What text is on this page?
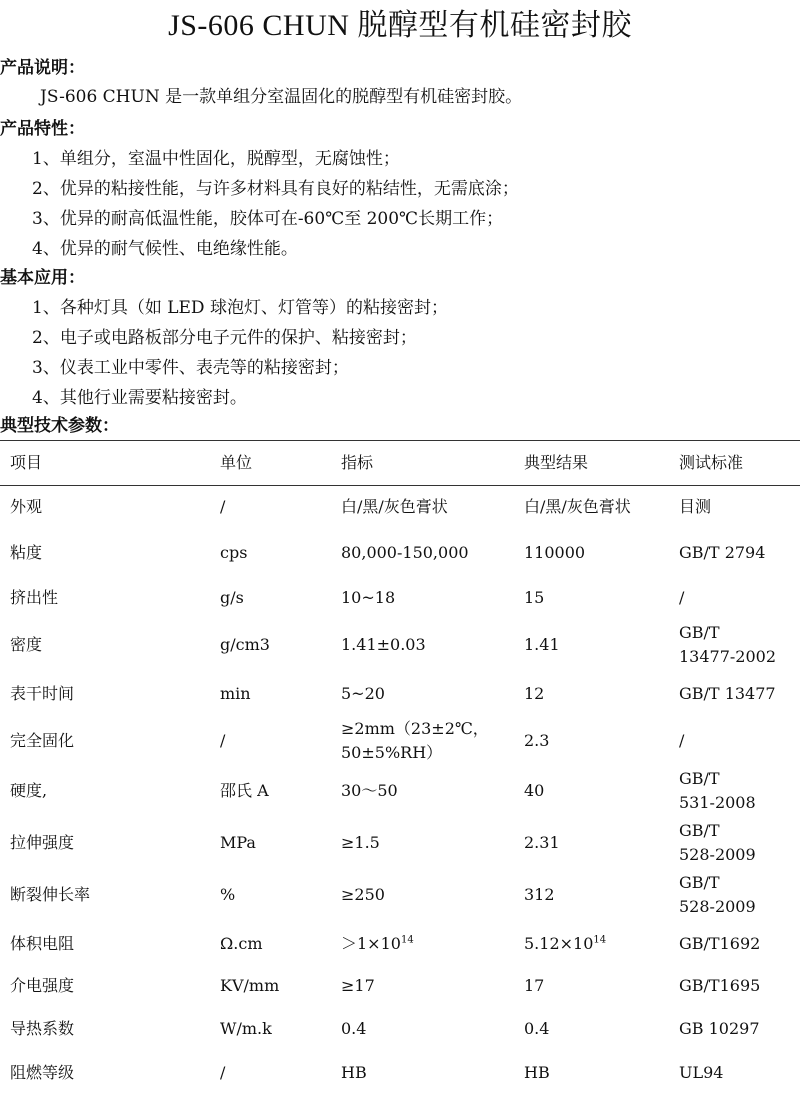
JS-606 CHUN 脱醇型有机硅密封胶
产品说明：
JS-606 CHUN 是一款单组分室温固化的脱醇型有机硅密封胶。
产品特性：
1、单组分，室温中性固化，脱醇型，无腐蚀性；
2、优异的粘接性能，与许多材料具有良好的粘结性，无需底涂；
3、优异的耐高低温性能，胶体可在-60℃至 200℃长期工作；
4、优异的耐气候性、电绝缘性能。
基本应用：
1、各种灯具（如 LED 球泡灯、灯管等）的粘接密封；
2、电子或电路板部分电子元件的保护、粘接密封；
3、仪表工业中零件、表壳等的粘接密封；
4、其他行业需要粘接密封。
典型技术参数：
项目	单位	指标	典型结果	测试标准
外观	/	白/黑/灰色膏状	白/黑/灰色膏状	目测
粘度	cps	80,000-150,000	110000	GB/T 2794
挤出性	g/s	10~18	15	/
密度	g/cm3	1.41±0.03	1.41	GB/T
13477-2002

表干时间	min	5~20	12	GB/T 13477
完全固化	/	≥2mm（23±2℃，
50±5%RH）	2.3	/
硬度,	邵氏 A	30～50	40	GB/T
531-2008

拉伸强度	MPa	≥1.5	2.31	GB/T
528-2009

断裂伸长率	%	≥250	312	GB/T
528-2009

体积电阻	Ω.cm	$>1\times 10^{14}$	$5.12\times 10^{14}$	GB/T1692
介电强度	KV/mm	≥17	17	GB/T1695
导热系数	W/m.k	0.4	0.4	GB 10297
阻燃等级	/	HB	HB	UL94
